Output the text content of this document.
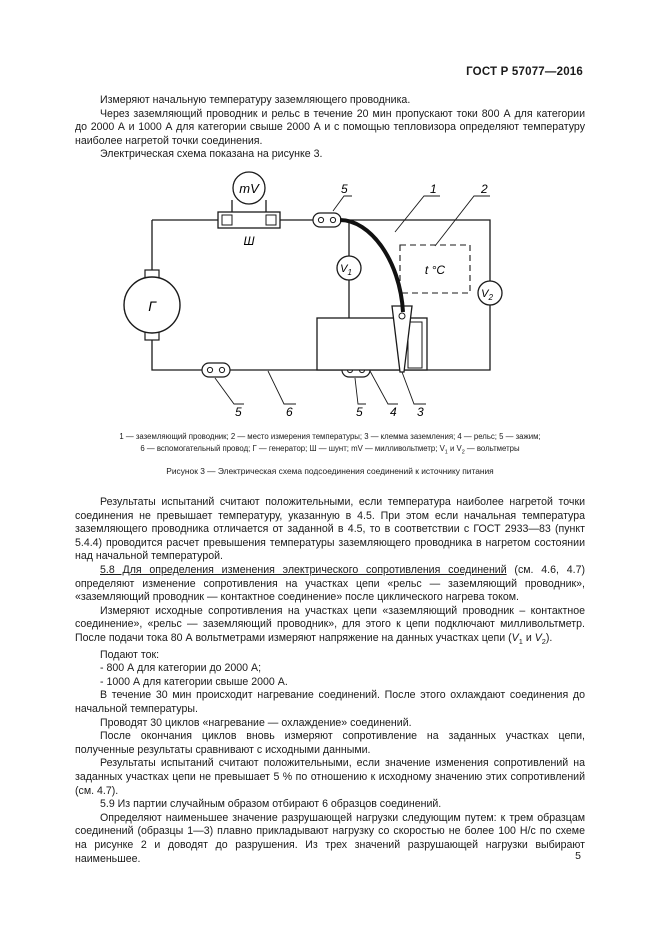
ГОСТ Р 57077—2016

Измеряют начальную температуру заземляющего проводника.

Через заземляющий проводник и рельс в течение 20 мин пропускают токи 800 А для категории до 2000 А и 1000 А для категории свыше 2000 А и с помощью тепловизора определяют температуру наиболее нагретой точки соединения.

Электрическая схема показана на рисунке 3.

mV
Ш
Г
t °C
$V_1$
$V_2$
5	1	2
5	6	5 4 3
1 — заземляющий проводник; 2 — место измерения температуры; 3 — клемма заземления; 4 — рельс; 5 — зажим;
6 — вспомогательный провод; Г — генератор; Ш — шунт; mV — милливольтметр; $V_1$ и $V_2$ — вольтметры
Рисунок 3 — Электрическая схема подсоединения соединений к источнику питания

Результаты испытаний считают положительными, если температура наиболее нагретой точки соединения не превышает температуру, указанную в 4.5. При этом если начальная температура заземляющего проводника отличается от заданной в 4.5, то в соответствии с ГОСТ 2933—83 (пункт 5.4.4) проводится расчет превышения температуры заземляющего проводника в нагретом состоянии над начальной температурой.

5.8 Для определения изменения электрического сопротивления соединений (см. 4.6, 4.7) определяют изменение сопротивления на участках цепи «рельс — заземляющий проводник», «заземляющий проводник — контактное соединение» после циклического нагрева током.

Измеряют исходные сопротивления на участках цепи «заземляющий проводник – контактное соединение», «рельс — заземляющий проводник», для этого к цепи подключают милливольтметр. После подачи тока 80 А вольтметрами измеряют напряжение на данных участках цепи ($V_1$ и $V_2$).

Подают ток:

- 800 А для категории до 2000 А;

- 1000 А для категории свыше 2000 А.

В течение 30 мин происходит нагревание соединений. После этого охлаждают соединения до начальной температуры.

Проводят 30 циклов «нагревание — охлаждение» соединений.

После окончания циклов вновь измеряют сопротивление на заданных участках цепи, полученные результаты сравнивают с исходными данными.

Результаты испытаний считают положительными, если значение изменения сопротивлений на заданных участках цепи не превышает 5 % по отношению к исходному значению этих сопротивлений (см. 4.7).

5.9 Из партии случайным образом отбирают 6 образцов соединений.

Определяют наименьшее значение разрушающей нагрузки следующим путем: к трем образцам соединений (образцы 1—3) плавно прикладывают нагрузку со скоростью не более 100 Н/с по схеме на рисунке 2 и доводят до разрушения. Из трех значений разрушающей нагрузки выбирают наименьшее.	5
